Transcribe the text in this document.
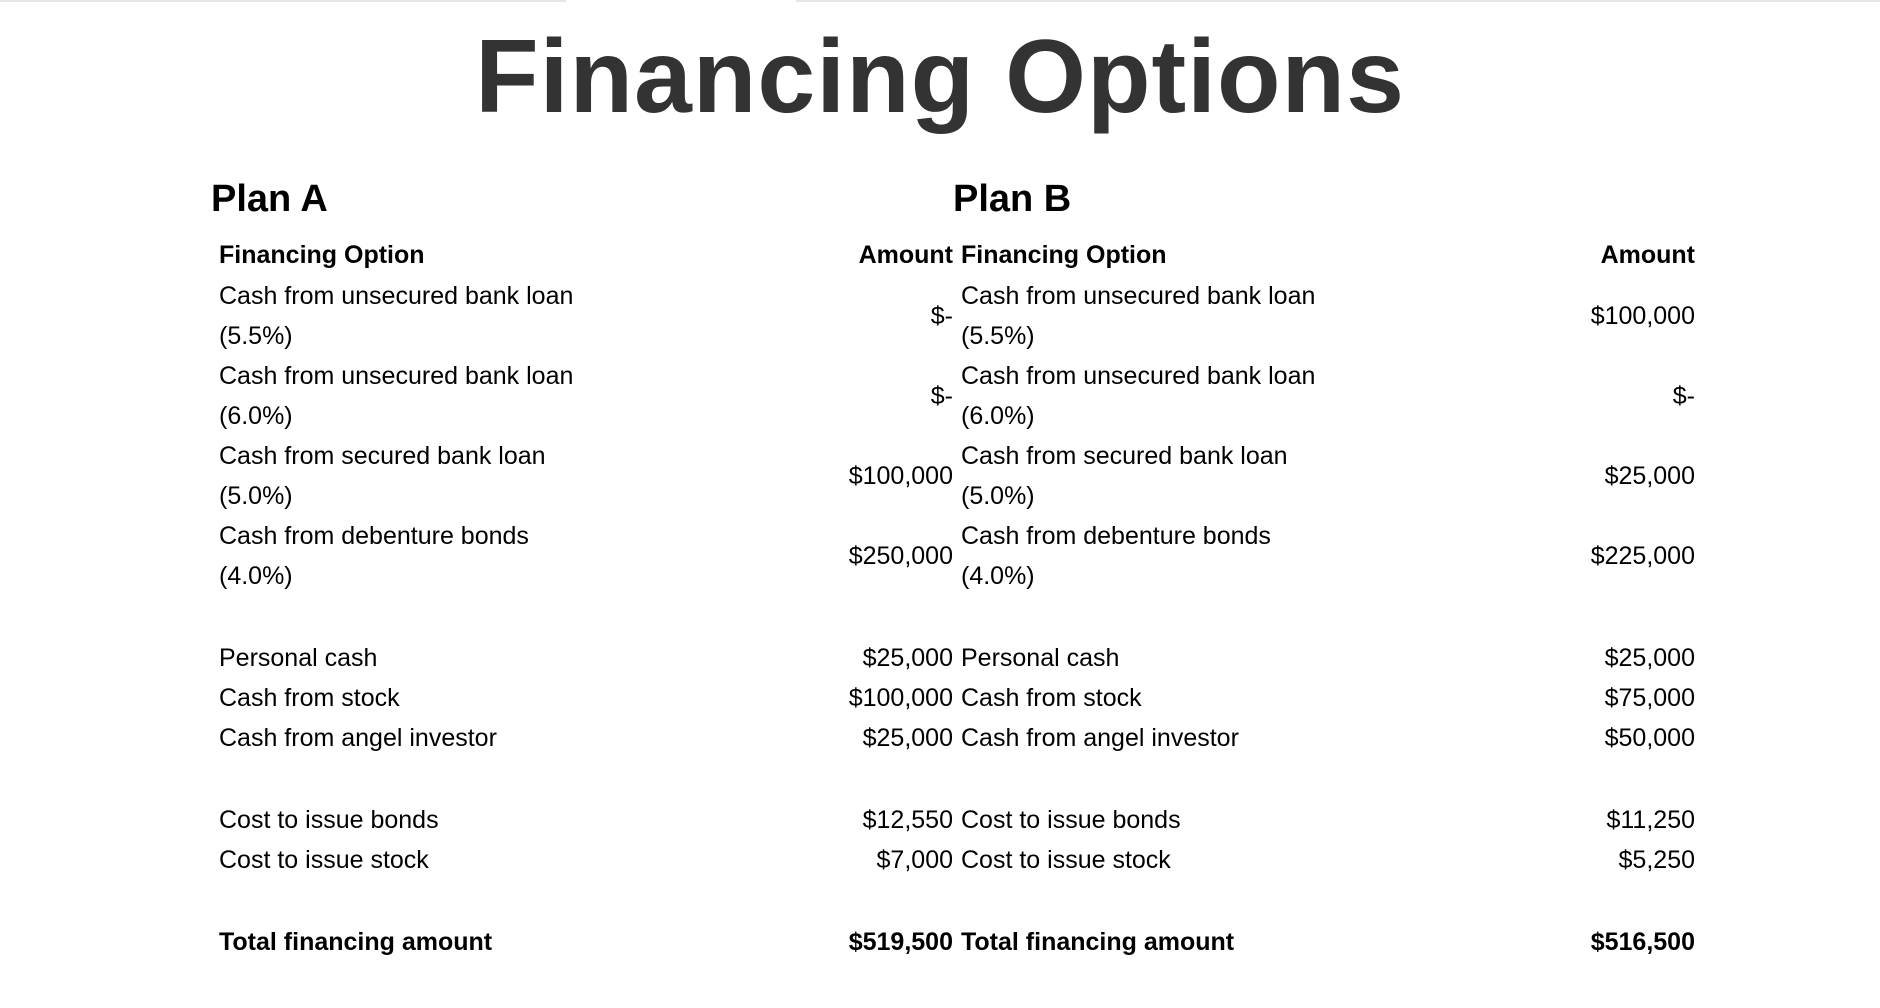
Financing Options
Plan A
Financing Option	Amount

Cash from unsecured bank loan (5.5%)	$-

Cash from unsecured bank loan (6.0%)	$-

Cash from secured bank loan (5.0%)	$100,000

Cash from debenture bonds (4.0%)	$250,000

Personal cash	$25,000
Cash from stock	$100,000
Cash from angel investor	$25,000

Cost to issue bonds	$12,550
Cost to issue stock	$7,000

Total financing amount	$519,500
Plan B
Financing Option	Amount

Cash from unsecured bank loan (5.5%)	$100,000

Cash from unsecured bank loan (6.0%)	$-

Cash from secured bank loan (5.0%)	$25,000

Cash from debenture bonds (4.0%)	$225,000

Personal cash	$25,000
Cash from stock	$75,000
Cash from angel investor	$50,000

Cost to issue bonds	$11,250
Cost to issue stock	$5,250

Total financing amount	$516,500
